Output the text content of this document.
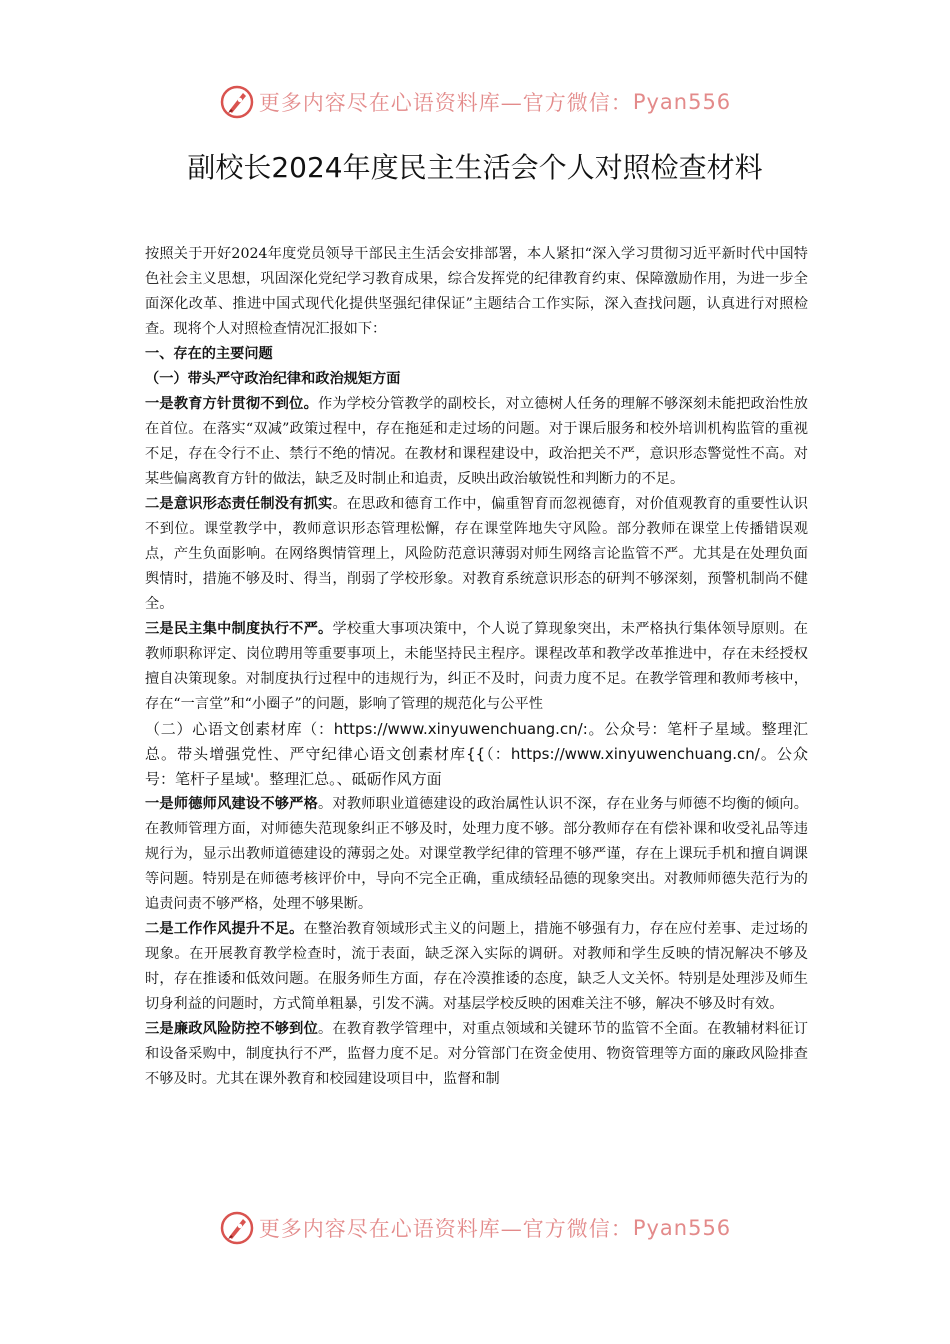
更多内容尽在心语资料库—官方微信： Pyan556
副校长2024年度民主生活会个人对照检查材料

按照关于开好2024年度党员领导干部民主生活会安排部署，本人紧扣“深入学习贯彻习近平新时代中国特色社会主义思想，巩固深化党纪学习教育成果，综合发挥党的纪律教育约束、保障激励作用，为进一步全面深化改革、推进中国式现代化提供坚强纪律保证”主题结合工作实际，深入查找问题，认真进行对照检查。现将个人对照检查情况汇报如下：

一、存在的主要问题

（一）带头严守政治纪律和政治规矩方面

一是教育方针贯彻不到位。作为学校分管教学的副校长，对立德树人任务的理解不够深刻未能把政治性放在首位。在落实“双减”政策过程中，存在拖延和走过场的问题。对于课后服务和校外培训机构监管的重视不足，存在令行不止、禁行不绝的情况。在教材和课程建设中，政治把关不严，意识形态警觉性不高。对某些偏离教育方针的做法，缺乏及时制止和追责，反映出政治敏锐性和判断力的不足。

二是意识形态责任制没有抓实。在思政和德育工作中，偏重智育而忽视德育，对价值观教育的重要性认识不到位。课堂教学中，教师意识形态管理松懈，存在课堂阵地失守风险。部分教师在课堂上传播错误观点，产生负面影响。在网络舆情管理上，风险防范意识薄弱对师生网络言论监管不严。尤其是在处理负面舆情时，措施不够及时、得当，削弱了学校形象。对教育系统意识形态的研判不够深刻，预警机制尚不健全。

三是民主集中制度执行不严。学校重大事项决策中，个人说了算现象突出，未严格执行集体领导原则。在教师职称评定、岗位聘用等重要事项上，未能坚持民主程序。课程改革和教学改革推进中，存在未经授权擅自决策现象。对制度执行过程中的违规行为，纠正不及时，问责力度不足。在教学管理和教师考核中，存在“一言堂”和“小圈子”的问题，影响了管理的规范化与公平性

（二）心语文创素材库（：https://www.xinyuwenchuang.cn/:。公众号：笔杆子星域。整理汇总。带头增强党性、严守纪律心语文创素材库{{（：https://www.xinyuwenchuang.cn/。公众号：笔杆子星域'。整理汇总。、砥砺作风方面

一是师德师风建设不够严格。对教师职业道德建设的政治属性认识不深，存在业务与师德不均衡的倾向。在教师管理方面，对师德失范现象纠正不够及时，处理力度不够。部分教师存在有偿补课和收受礼品等违规行为，显示出教师道德建设的薄弱之处。对课堂教学纪律的管理不够严谨，存在上课玩手机和擅自调课等问题。特别是在师德考核评价中，导向不完全正确，重成绩轻品德的现象突出。对教师师德失范行为的追责问责不够严格，处理不够果断。

二是工作作风提升不足。在整治教育领域形式主义的问题上，措施不够强有力，存在应付差事、走过场的现象。在开展教育教学检查时，流于表面，缺乏深入实际的调研。对教师和学生反映的情况解决不够及时，存在推诿和低效问题。在服务师生方面，存在冷漠推诿的态度，缺乏人文关怀。特别是处理涉及师生切身利益的问题时，方式简单粗暴，引发不满。对基层学校反映的困难关注不够，解决不够及时有效。

三是廉政风险防控不够到位。在教育教学管理中，对重点领域和关键环节的监管不全面。在教辅材料征订和设备采购中，制度执行不严，监督力度不足。对分管部门在资金使用、物资管理等方面的廉政风险排查不够及时。尤其在课外教育和校园建设项目中，监督和制

更多内容尽在心语资料库—官方微信： Pyan556
